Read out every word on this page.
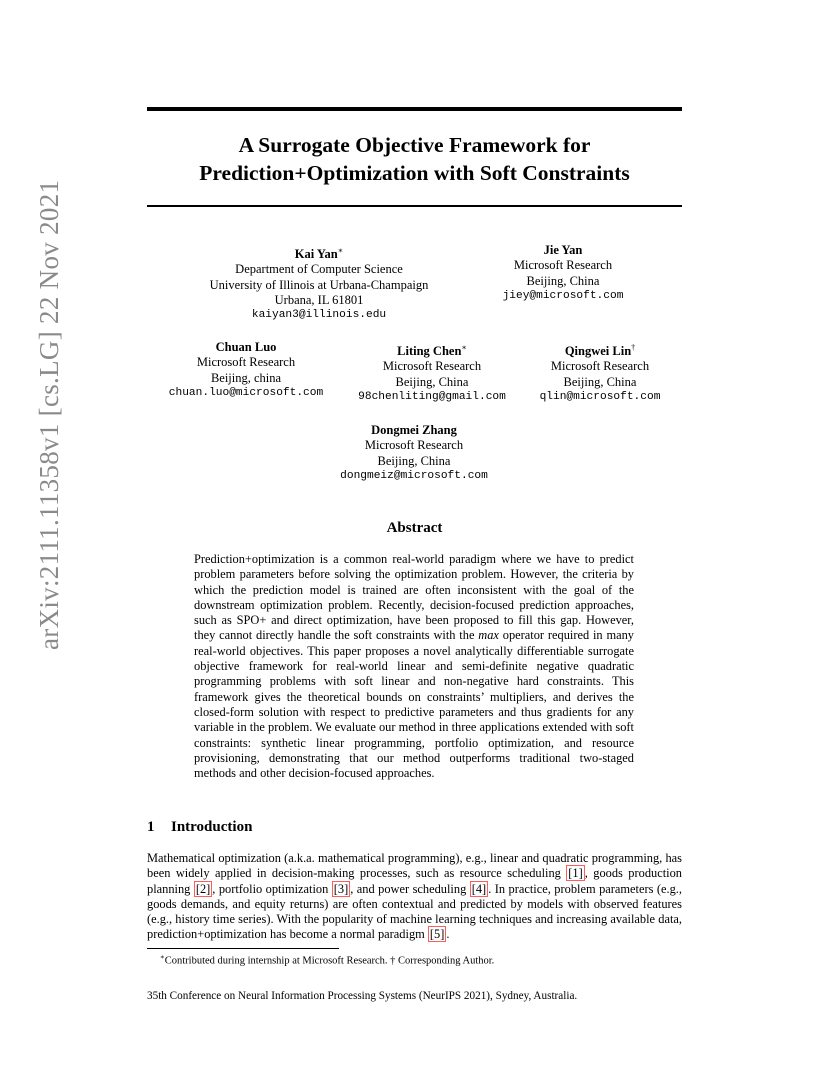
arXiv:2111.11358v1 [cs.LG] 22 Nov 2021
A Surrogate Objective Framework for
Prediction+Optimization with Soft Constraints
Kai Yan∗
Department of Computer Science
University of Illinois at Urbana-Champaign
Urbana, IL 61801
kaiyan3@illinois.edu
Jie Yan
Microsoft Research
Beijing, China
jiey@microsoft.com
Chuan Luo
Microsoft Research
Beijing, china
chuan.luo@microsoft.com
Liting Chen∗
Microsoft Research
Beijing, China
98chenliting@gmail.com
Qingwei Lin†
Microsoft Research
Beijing, China
qlin@microsoft.com
Dongmei Zhang
Microsoft Research
Beijing, China
dongmeiz@microsoft.com
Abstract
Prediction+optimization is a common real-world paradigm where we have to predict problem parameters before solving the optimization problem. However, the criteria by which the prediction model is trained are often inconsistent with the goal of the downstream optimization problem. Recently, decision-focused prediction approaches, such as SPO+ and direct optimization, have been proposed to fill this gap. However, they cannot directly handle the soft constraints with the max operator required in many real-world objectives. This paper proposes a novel analytically differentiable surrogate objective framework for real-world linear and semi-definite negative quadratic programming problems with soft linear and non-negative hard constraints. This framework gives the theoretical bounds on constraints’ multipliers, and derives the closed-form solution with respect to predictive parameters and thus gradients for any variable in the problem. We evaluate our method in three applications extended with soft constraints: synthetic linear programming, portfolio optimization, and resource provisioning, demonstrating that our method outperforms traditional two-staged methods and other decision-focused approaches.
1 Introduction
Mathematical optimization (a.k.a. mathematical programming), e.g., linear and quadratic programming, has been widely applied in decision-making processes, such as resource scheduling [1] , goods production planning [2] , portfolio optimization [3] , and power scheduling [4] . In practice, problem parameters (e.g., goods demands, and equity returns) are often contextual and predicted by models with observed features (e.g., history time series). With the popularity of machine learning techniques and increasing available data, prediction+optimization has become a normal paradigm [5] .
∗Contributed during internship at Microsoft Research. † Corresponding Author.
35th Conference on Neural Information Processing Systems (NeurIPS 2021), Sydney, Australia.
